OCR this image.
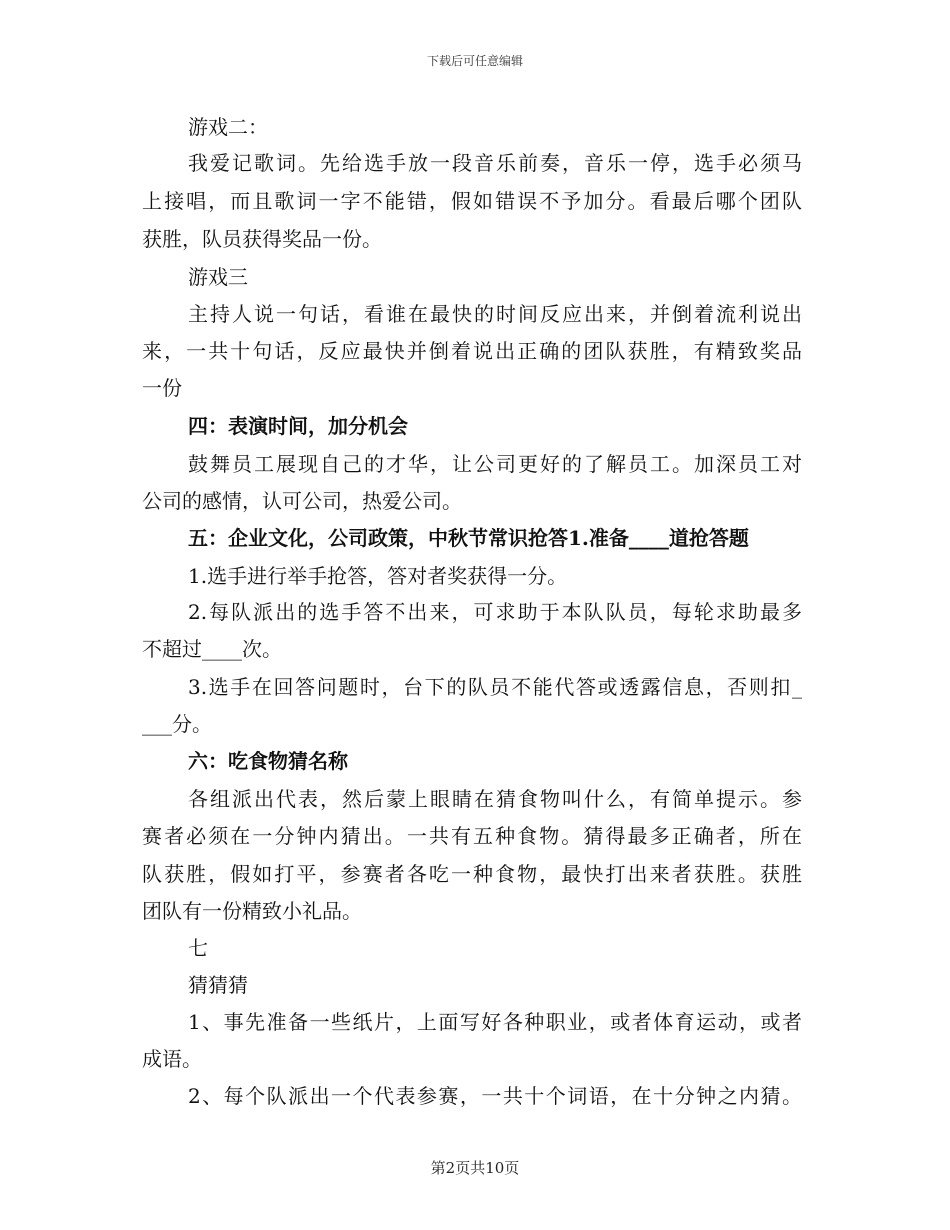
下载后可任意编辑
游戏二：
我爱记歌词。先给选手放一段音乐前奏，音乐一停，选手必须马
上接唱，而且歌词一字不能错，假如错误不予加分。看最后哪个团队
获胜，队员获得奖品一份。
游戏三
主持人说一句话，看谁在最快的时间反应出来，并倒着流利说出
来，一共十句话，反应最快并倒着说出正确的团队获胜，有精致奖品
一份
四：表演时间，加分机会
鼓舞员工展现自己的才华，让公司更好的了解员工。加深员工对
公司的感情，认可公司，热爱公司。
五：企业文化，公司政策，中秋节常识抢答1.准备____道抢答题
1.选手进行举手抢答，答对者奖获得一分。
2.每队派出的选手答不出来，可求助于本队队员，每轮求助最多
不超过____次。
3.选手在回答问题时，台下的队员不能代答或透露信息，否则扣_
___分。
六：吃食物猜名称
各组派出代表，然后蒙上眼睛在猜食物叫什么，有简单提示。参
赛者必须在一分钟内猜出。一共有五种食物。猜得最多正确者，所在
队获胜，假如打平，参赛者各吃一种食物，最快打出来者获胜。获胜
团队有一份精致小礼品。
七
猜猜猜
1、事先准备一些纸片，上面写好各种职业，或者体育运动，或者
成语。
2、每个队派出一个代表参赛，一共十个词语，在十分钟之内猜。
第2页共10页
